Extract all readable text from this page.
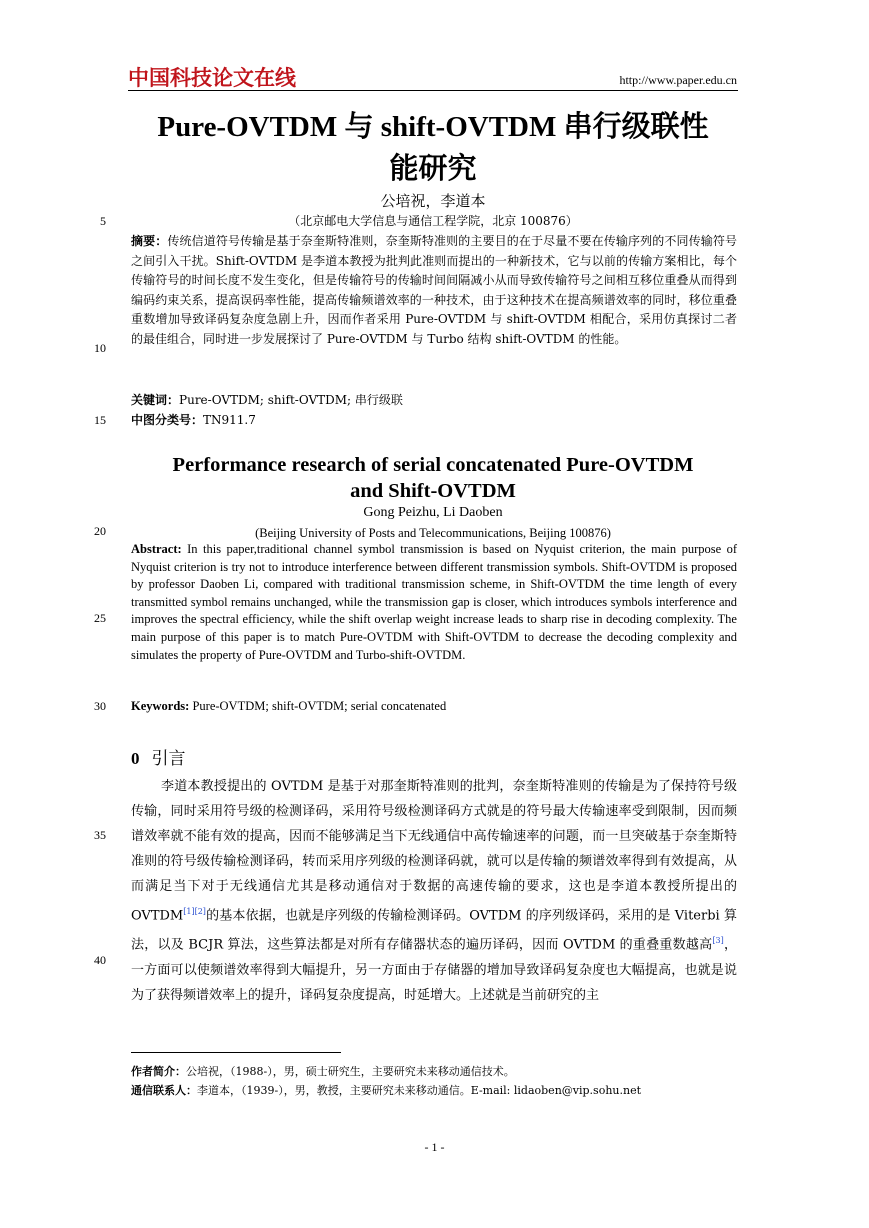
中国科技论文在线	http://www.paper.edu.cn
Pure-OVTDM 与 shift-OVTDM 串行级联性
能研究
公培祝，李道本
（北京邮电大学信息与通信工程学院，北京 100876）
5
10
15
20
25
30
35
40
摘要：传统信道符号传输是基于奈奎斯特准则，奈奎斯特准则的主要目的在于尽量不要在传输序列的不同传输符号之间引入干扰。Shift-OVTDM 是李道本教授为批判此准则而提出的一种新技术，它与以前的传输方案相比，每个传输符号的时间长度不发生变化，但是传输符号的传输时间间隔减小从而导致传输符号之间相互移位重叠从而得到编码约束关系，提高误码率性能，提高传输频谱效率的一种技术，由于这种技术在提高频谱效率的同时，移位重叠重数增加导致译码复杂度急剧上升，因而作者采用 Pure-OVTDM 与 shift-OVTDM 相配合，采用仿真探讨二者的最佳组合，同时进一步发展探讨了 Pure-OVTDM 与 Turbo 结构 shift-OVTDM 的性能。
关键词：Pure-OVTDM; shift-OVTDM; 串行级联
中图分类号：TN911.7
Performance research of serial concatenated Pure-OVTDM
and Shift-OVTDM
Gong Peizhu, Li Daoben
(Beijing University of Posts and Telecommunications, Beijing 100876)
Abstract: In this paper,traditional channel symbol transmission is based on Nyquist criterion, the main purpose of Nyquist criterion is try not to introduce interference between different transmission symbols. Shift-OVTDM is proposed by professor Daoben Li, compared with traditional transmission scheme, in Shift-OVTDM the time length of every transmitted symbol remains unchanged, while the transmission gap is closer, which introduces symbols interference and improves the spectral efficiency, while the shift overlap weight increase leads to sharp rise in decoding complexity. The main purpose of this paper is to match Pure-OVTDM with Shift-OVTDM to decrease the decoding complexity and simulates the property of Pure-OVTDM and Turbo-shift-OVTDM.
Keywords: Pure-OVTDM; shift-OVTDM; serial concatenated
0 引言
李道本教授提出的 OVTDM 是基于对那奎斯特准则的批判，奈奎斯特准则的传输是为了保持符号级传输，同时采用符号级的检测译码，采用符号级检测译码方式就是的符号最大传输速率受到限制，因而频谱效率就不能有效的提高，因而不能够满足当下无线通信中高传输速率的问题，而一旦突破基于奈奎斯特准则的符号级传输检测译码，转而采用序列级的检测译码就，就可以是传输的频谱效率得到有效提高，从而满足当下对于无线通信尤其是移动通信对于数据的高速传输的要求，这也是李道本教授所提出的 OVTDM[1][2]的基本依据，也就是序列级的传输检测译码。OVTDM 的序列级译码，采用的是 Viterbi 算法，以及 BCJR 算法，这些算法都是对所有存储器状态的遍历译码，因而 OVTDM 的重叠重数越高[3]，一方面可以使频谱效率得到大幅提升，另一方面由于存储器的增加导致译码复杂度也大幅提高，也就是说为了获得频谱效率上的提升，译码复杂度提高，时延增大。上述就是当前研究的主
作者简介：公培祝，（1988-），男，硕士研究生，主要研究未来移动通信技术。
通信联系人：李道本，（1939-），男，教授，主要研究未来移动通信。E-mail: lidaoben@vip.sohu.net
- 1 -
